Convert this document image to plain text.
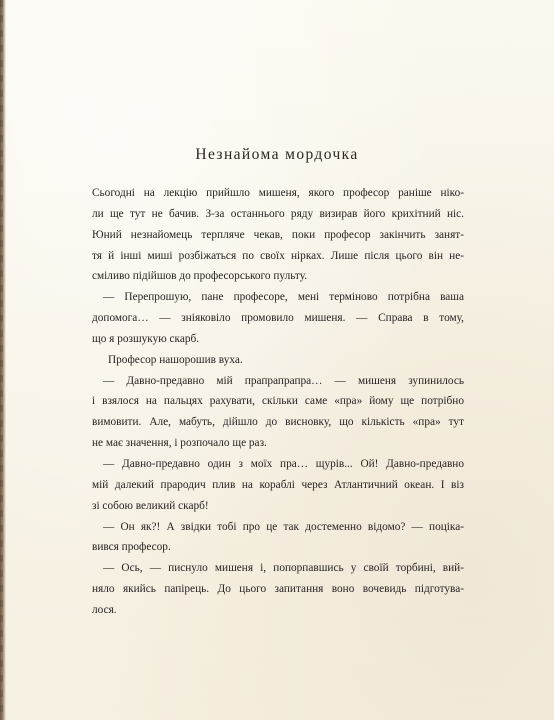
Незнайома мордочка
Сьогодні на лекцію прийшло мишеня, якого професор раніше ніко-
ли ще тут не бачив. З-за останнього ряду визирав його крихітний ніс.
Юний незнайомець терпляче чекав, поки професор закінчить занят-
тя й інші миші розбіжаться по своїх нірках. Лише після цього він не-
сміливо підійшов до професорського пульту.
— Перепрошую, пане професоре, мені терміново потрібна ваша
допомога… — зніяковіло промовило мишеня. — Справа в тому,
що я розшукую скарб.
Професор нашорошив вуха.
— Давно-предавно мій прапрапрапра… — мишеня зупинилось
і взялося на пальцях рахувати, скільки саме «пра» йому ще потрібно
вимовити. Але, мабуть, дійшло до висновку, що кількість «пра» тут
не має значення, і розпочало ще раз.
— Давно-предавно один з моїх пра… щурів... Ой! Давно-предавно
мій далекий прародич плив на кораблі через Атлантичний океан. І віз
зі собою великий скарб!
— Он як?! А звідки тобі про це так достеменно відомо? — поціка-
вився професор.
— Ось, — писнуло мишеня і, попорпавшись у своїй торбині, вий-
няло якийсь папірець. До цього запитання воно вочевидь підготува-
лося.
